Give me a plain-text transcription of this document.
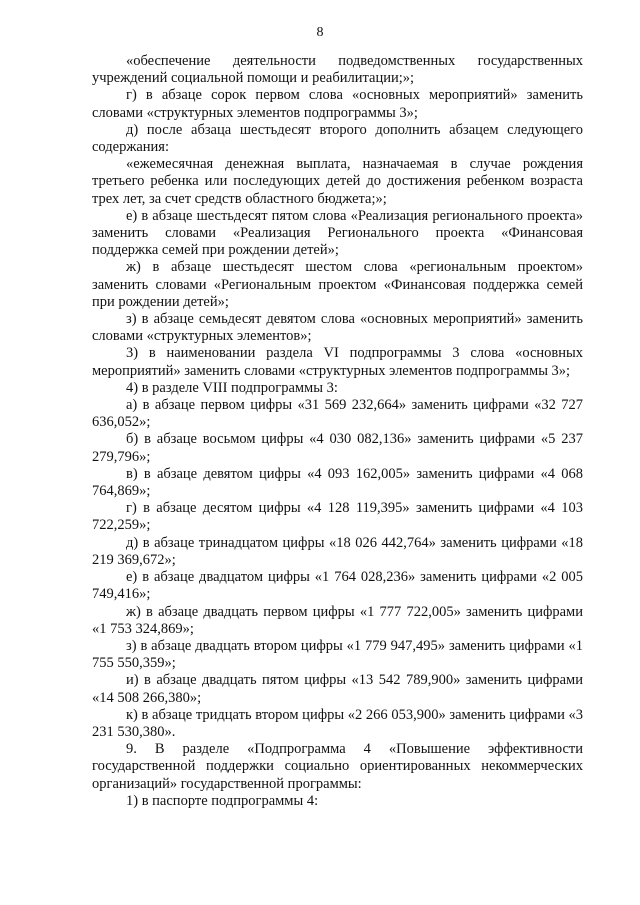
8

«обеспечение деятельности подведомственных государственных учреждений социальной помощи и реабилитации;»;

г) в абзаце сорок первом слова «основных мероприятий» заменить словами «структурных элементов подпрограммы 3»;

д) после абзаца шестьдесят второго дополнить абзацем следующего содержания:

«ежемесячная денежная выплата, назначаемая в случае рождения третьего ребенка или последующих детей до достижения ребенком возраста трех лет, за счет средств областного бюджета;»;

е) в абзаце шестьдесят пятом слова «Реализация регионального проекта» заменить словами «Реализация Регионального проекта «Финансовая поддержка семей при рождении детей»;

ж) в абзаце шестьдесят шестом слова «региональным проектом» заменить словами «Региональным проектом «Финансовая поддержка семей при рождении детей»;

з) в абзаце семьдесят девятом слова «основных мероприятий» заменить словами «структурных элементов»;

3) в наименовании раздела VI подпрограммы 3 слова «основных мероприятий» заменить словами «структурных элементов подпрограммы 3»;

4) в разделе VIII подпрограммы 3:

а) в абзаце первом цифры «31 569 232,664» заменить цифрами «32 727 636,052»;

б) в абзаце восьмом цифры «4 030 082,136» заменить цифрами «5 237 279,796»;

в) в абзаце девятом цифры «4 093 162,005» заменить цифрами «4 068 764,869»;

г) в абзаце десятом цифры «4 128 119,395» заменить цифрами «4 103 722,259»;

д) в абзаце тринадцатом цифры «18 026 442,764» заменить цифрами «18 219 369,672»;

е) в абзаце двадцатом цифры «1 764 028,236» заменить цифрами «2 005 749,416»;

ж) в абзаце двадцать первом цифры «1 777 722,005» заменить цифрами «1 753 324,869»;

з) в абзаце двадцать втором цифры «1 779 947,495» заменить цифрами «1 755 550,359»;

и) в абзаце двадцать пятом цифры «13 542 789,900» заменить цифрами «14 508 266,380»;

к) в абзаце тридцать втором цифры «2 266 053,900» заменить цифрами «3 231 530,380».

9. В разделе «Подпрограмма 4 «Повышение эффективности государственной поддержки социально ориентированных некоммерческих организаций» государственной программы:

1) в паспорте подпрограммы 4:
